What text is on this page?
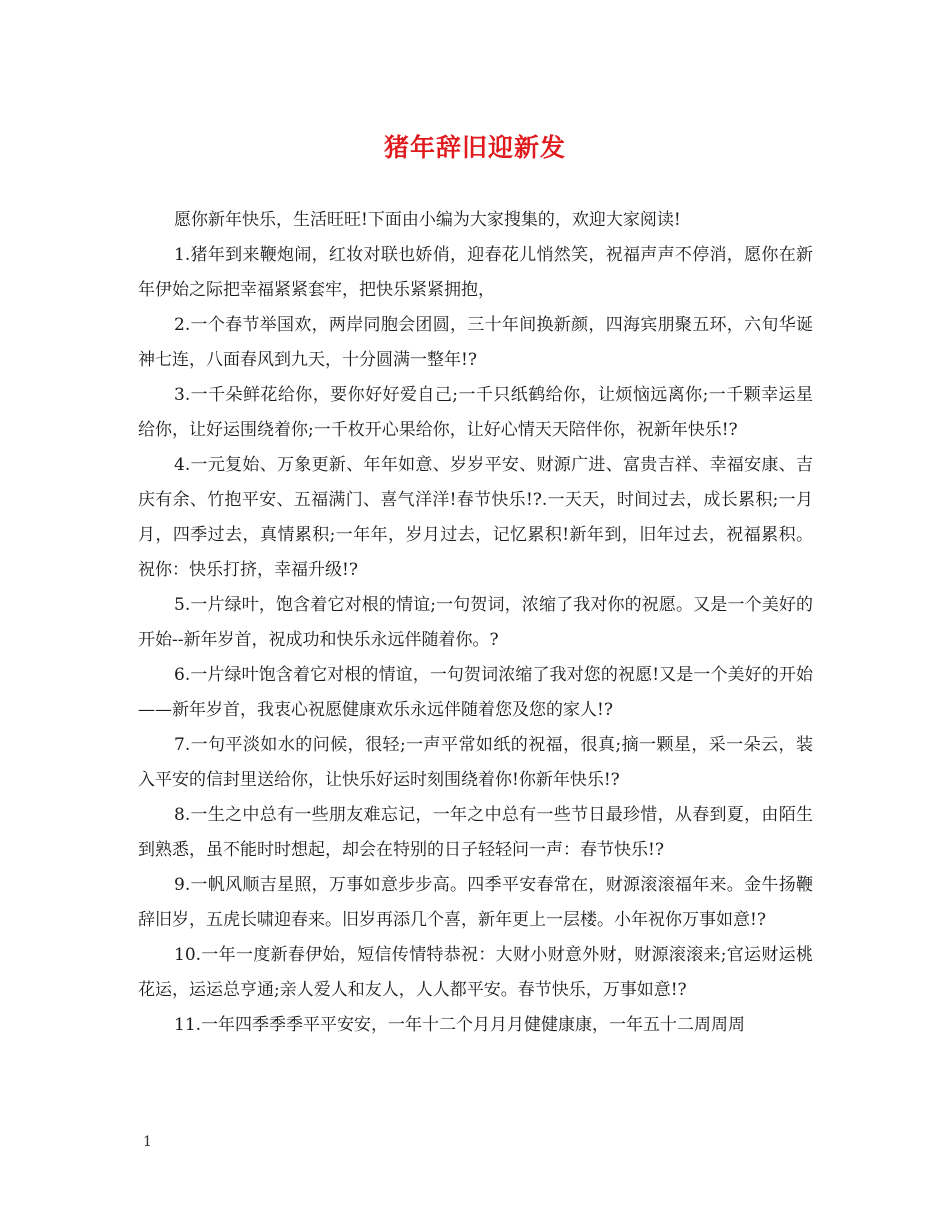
猪年辞旧迎新发

愿你新年快乐，生活旺旺!下面由小编为大家搜集的，欢迎大家阅读!

1.猪年到来鞭炮闹，红妆对联也娇俏，迎春花儿悄然笑，祝福声声不停消，愿你在新年伊始之际把幸福紧紧套牢，把快乐紧紧拥抱，

2.一个春节举国欢，两岸同胞会团圆，三十年间换新颜，四海宾朋聚五环，六旬华诞神七连，八面春风到九天，十分圆满一整年!?

3.一千朵鲜花给你，要你好好爱自己;一千只纸鹤给你，让烦恼远离你;一千颗幸运星给你，让好运围绕着你;一千枚开心果给你，让好心情天天陪伴你，祝新年快乐!?

4.一元复始、万象更新、年年如意、岁岁平安、财源广进、富贵吉祥、幸福安康、吉庆有余、竹抱平安、五福满门、喜气洋洋!春节快乐!?.一天天，时间过去，成长累积;一月月，四季过去，真情累积;一年年，岁月过去，记忆累积!新年到，旧年过去，祝福累积。祝你：快乐打挤，幸福升级!?

5.一片绿叶，饱含着它对根的情谊;一句贺词，浓缩了我对你的祝愿。又是一个美好的开始--新年岁首，祝成功和快乐永远伴随着你。?

6.一片绿叶饱含着它对根的情谊，一句贺词浓缩了我对您的祝愿!又是一个美好的开始——新年岁首，我衷心祝愿健康欢乐永远伴随着您及您的家人!?

7.一句平淡如水的问候，很轻;一声平常如纸的祝福，很真;摘一颗星，采一朵云，装入平安的信封里送给你，让快乐好运时刻围绕着你!你新年快乐!?

8.一生之中总有一些朋友难忘记，一年之中总有一些节日最珍惜，从春到夏，由陌生到熟悉，虽不能时时想起，却会在特别的日子轻轻问一声：春节快乐!?

9.一帆风顺吉星照，万事如意步步高。四季平安春常在，财源滚滚福年来。金牛扬鞭辞旧岁，五虎长啸迎春来。旧岁再添几个喜，新年更上一层楼。小年祝你万事如意!?

10.一年一度新春伊始，短信传情特恭祝：大财小财意外财，财源滚滚来;官运财运桃花运，运运总亨通;亲人爱人和友人，人人都平安。春节快乐，万事如意!?

11.一年四季季季平平安安，一年十二个月月月健健康康，一年五十二周周周

1
